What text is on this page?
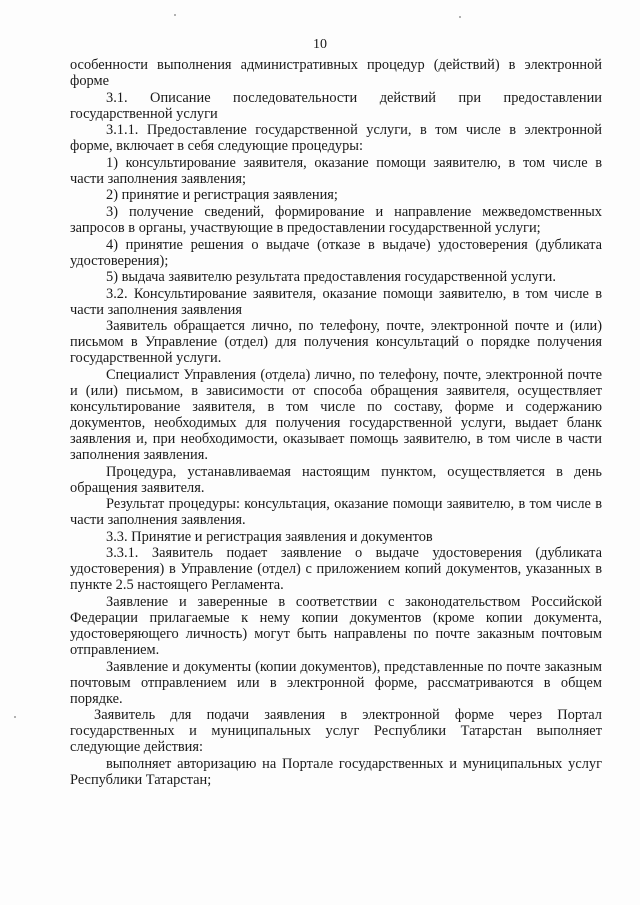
10

особенности выполнения административных процедур (действий) в электронной форме

3.1. Описание последовательности действий при предоставлении государственной услуги

3.1.1. Предоставление государственной услуги, в том числе в электронной форме, включает в себя следующие процедуры:

1) консультирование заявителя, оказание помощи заявителю, в том числе в части заполнения заявления;

2) принятие и регистрация заявления;

3) получение сведений, формирование и направление межведомственных запросов в органы, участвующие в предоставлении государственной услуги;

4) принятие решения о выдаче (отказе в выдаче) удостоверения (дубликата удостоверения);

5) выдача заявителю результата предоставления государственной услуги.

3.2. Консультирование заявителя, оказание помощи заявителю, в том числе в части заполнения заявления

Заявитель обращается лично, по телефону, почте, электронной почте и (или) письмом в Управление (отдел) для получения консультаций о порядке получения государственной услуги.

Специалист Управления (отдела) лично, по телефону, почте, электронной почте и (или) письмом, в зависимости от способа обращения заявителя, осуществляет консультирование заявителя, в том числе по составу, форме и содержанию документов, необходимых для получения государственной услуги, выдает бланк заявления и, при необходимости, оказывает помощь заявителю, в том числе в части заполнения заявления.

Процедура, устанавливаемая настоящим пунктом, осуществляется в день обращения заявителя.

Результат процедуры: консультация, оказание помощи заявителю, в том числе в части заполнения заявления.

3.3. Принятие и регистрация заявления и документов

3.3.1. Заявитель подает заявление о выдаче удостоверения (дубликата удостоверения) в Управление (отдел) с приложением копий документов, указанных в пункте 2.5 настоящего Регламента.

Заявление и заверенные в соответствии с законодательством Российской Федерации прилагаемые к нему копии документов (кроме копии документа, удостоверяющего личность) могут быть направлены по почте заказным почтовым отправлением.

Заявление и документы (копии документов), представленные по почте заказным почтовым отправлением или в электронной форме, рассматриваются в общем порядке.

Заявитель для подачи заявления в электронной форме через Портал государственных и муниципальных услуг Республики Татарстан выполняет следующие действия:

выполняет авторизацию на Портале государственных и муниципальных услуг Республики Татарстан;
